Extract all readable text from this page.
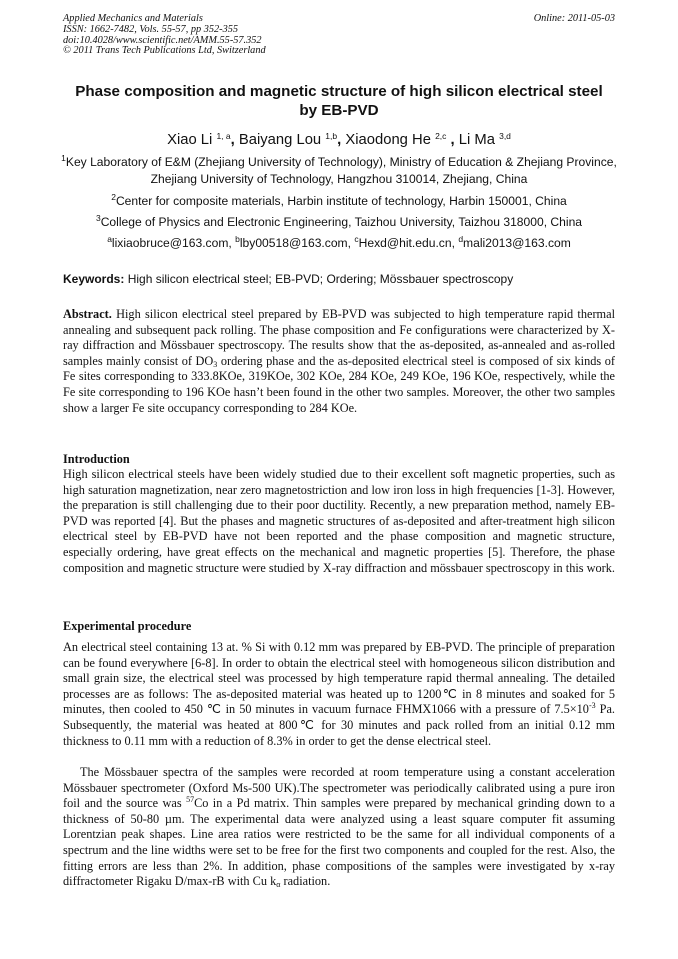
Applied Mechanics and Materials
ISSN: 1662-7482, Vols. 55-57, pp 352-355
doi:10.4028/www.scientific.net/AMM.55-57.352
© 2011 Trans Tech Publications Ltd, Switzerland
Online: 2011-05-03
Phase composition and magnetic structure of high silicon electrical steel by EB-PVD
Xiao Li $^{1, a}$, Baiyang Lou $^{1,b}$, Xiaodong He $^{2,c}$ , Li Ma $^{3,d}$
$^1$Key Laboratory of E&M (Zhejiang University of Technology), Ministry of Education & Zhejiang Province, Zhejiang University of Technology, Hangzhou 310014, Zhejiang, China
$^2$Center for composite materials, Harbin institute of technology, Harbin 150001, China
$^3$College of Physics and Electronic Engineering, Taizhou University, Taizhou 318000, China
$^a$lixiaobruce@163.com, $^b$lby00518@163.com, $^c$Hexd@hit.edu.cn, $^d$mali2013@163.com
Keywords: High silicon electrical steel; EB-PVD; Ordering; Mössbauer spectroscopy
Abstract. High silicon electrical steel prepared by EB-PVD was subjected to high temperature rapid thermal annealing and subsequent pack rolling. The phase composition and Fe configurations were characterized by X-ray diffraction and Mössbauer spectroscopy. The results show that the as-deposited, as-annealed and as-rolled samples mainly consist of $DO_3$ ordering phase and the as-deposited electrical steel is composed of six kinds of Fe sites corresponding to 333.8KOe, 319KOe, 302 KOe, 284 KOe, 249 KOe, 196 KOe, respectively, while the Fe site corresponding to 196 KOe hasn’t been found in the other two samples. Moreover, the other two samples show a larger Fe site occupancy corresponding to 284 KOe.
Introduction
High silicon electrical steels have been widely studied due to their excellent soft magnetic properties, such as high saturation magnetization, near zero magnetostriction and low iron loss in high frequencies [1-3]. However, the preparation is still challenging due to their poor ductility. Recently, a new preparation method, namely EB-PVD was reported [4]. But the phases and magnetic structures of as-deposited and after-treatment high silicon electrical steel by EB-PVD have not been reported and the phase composition and magnetic structure, especially ordering, have great effects on the mechanical and magnetic properties [5]. Therefore, the phase composition and magnetic structure were studied by X-ray diffraction and mössbauer spectroscopy in this work.
Experimental procedure
An electrical steel containing 13 at. % Si with 0.12 mm was prepared by EB-PVD. The principle of preparation can be found everywhere [6-8]. In order to obtain the electrical steel with homogeneous silicon distribution and small grain size, the electrical steel was processed by high temperature rapid thermal annealing. The detailed processes are as follows: The as-deposited material was heated up to 1200℃ in 8 minutes and soaked for 5 minutes, then cooled to 450 ℃ in 50 minutes in vacuum furnace FHMX1066 with a pressure of $7.5\times 10^{-3}$ Pa. Subsequently, the material was heated at 800℃ for 30 minutes and pack rolled from an initial 0.12 mm thickness to 0.11 mm with a reduction of 8.3% in order to get the dense electrical steel.
The Mössbauer spectra of the samples were recorded at room temperature using a constant acceleration Mössbauer spectrometer (Oxford Ms-500 UK).The spectrometer was periodically calibrated using a pure iron foil and the source was $^{57}$Co in a Pd matrix. Thin samples were prepared by mechanical grinding down to a thickness of 50-80 µm. The experimental data were analyzed using a least square computer fit assuming Lorentzian peak shapes. Line area ratios were restricted to be the same for all individual components of a spectrum and the line widths were set to be free for the first two components and coupled for the rest. Also, the fitting errors are less than 2%. In addition, phase compositions of the samples were investigated by x-ray diffractometer Rigaku D/max-rB with Cu $k_\alpha$ radiation.
